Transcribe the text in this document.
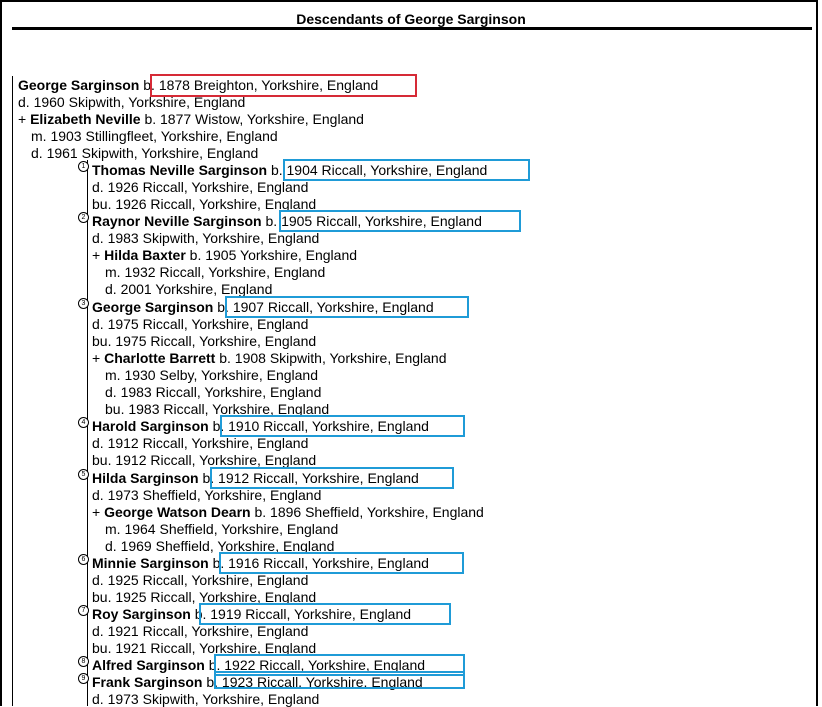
Descendants of George Sarginson
George Sarginson b. 1878 Breighton, Yorkshire, England
d. 1960 Skipwith, Yorkshire, England
+ Elizabeth Neville b. 1877 Wistow, Yorkshire, England
m. 1903 Stillingfleet, Yorkshire, England
d. 1961 Skipwith, Yorkshire, England
1 Thomas Neville Sarginson b. 1904 Riccall, Yorkshire, England
d. 1926 Riccall, Yorkshire, England
bu. 1926 Riccall, Yorkshire, England
2 Raynor Neville Sarginson b. 1905 Riccall, Yorkshire, England
d. 1983 Skipwith, Yorkshire, England
+ Hilda Baxter b. 1905 Yorkshire, England
m. 1932 Riccall, Yorkshire, England
d. 2001 Yorkshire, England
3 George Sarginson b. 1907 Riccall, Yorkshire, England
d. 1975 Riccall, Yorkshire, England
bu. 1975 Riccall, Yorkshire, England
+ Charlotte Barrett b. 1908 Skipwith, Yorkshire, England
m. 1930 Selby, Yorkshire, England
d. 1983 Riccall, Yorkshire, England
bu. 1983 Riccall, Yorkshire, England
4 Harold Sarginson b. 1910 Riccall, Yorkshire, England
d. 1912 Riccall, Yorkshire, England
bu. 1912 Riccall, Yorkshire, England
5 Hilda Sarginson b. 1912 Riccall, Yorkshire, England
d. 1973 Sheffield, Yorkshire, England
+ George Watson Dearn b. 1896 Sheffield, Yorkshire, England
m. 1964 Sheffield, Yorkshire, England
d. 1969 Sheffield, Yorkshire, England
6 Minnie Sarginson b. 1916 Riccall, Yorkshire, England
d. 1925 Riccall, Yorkshire, England
bu. 1925 Riccall, Yorkshire, England
7 Roy Sarginson b. 1919 Riccall, Yorkshire, England
d. 1921 Riccall, Yorkshire, England
bu. 1921 Riccall, Yorkshire, England
8 Alfred Sarginson b. 1922 Riccall, Yorkshire, England
9 Frank Sarginson b. 1923 Riccall, Yorkshire, England
d. 1973 Skipwith, Yorkshire, England
